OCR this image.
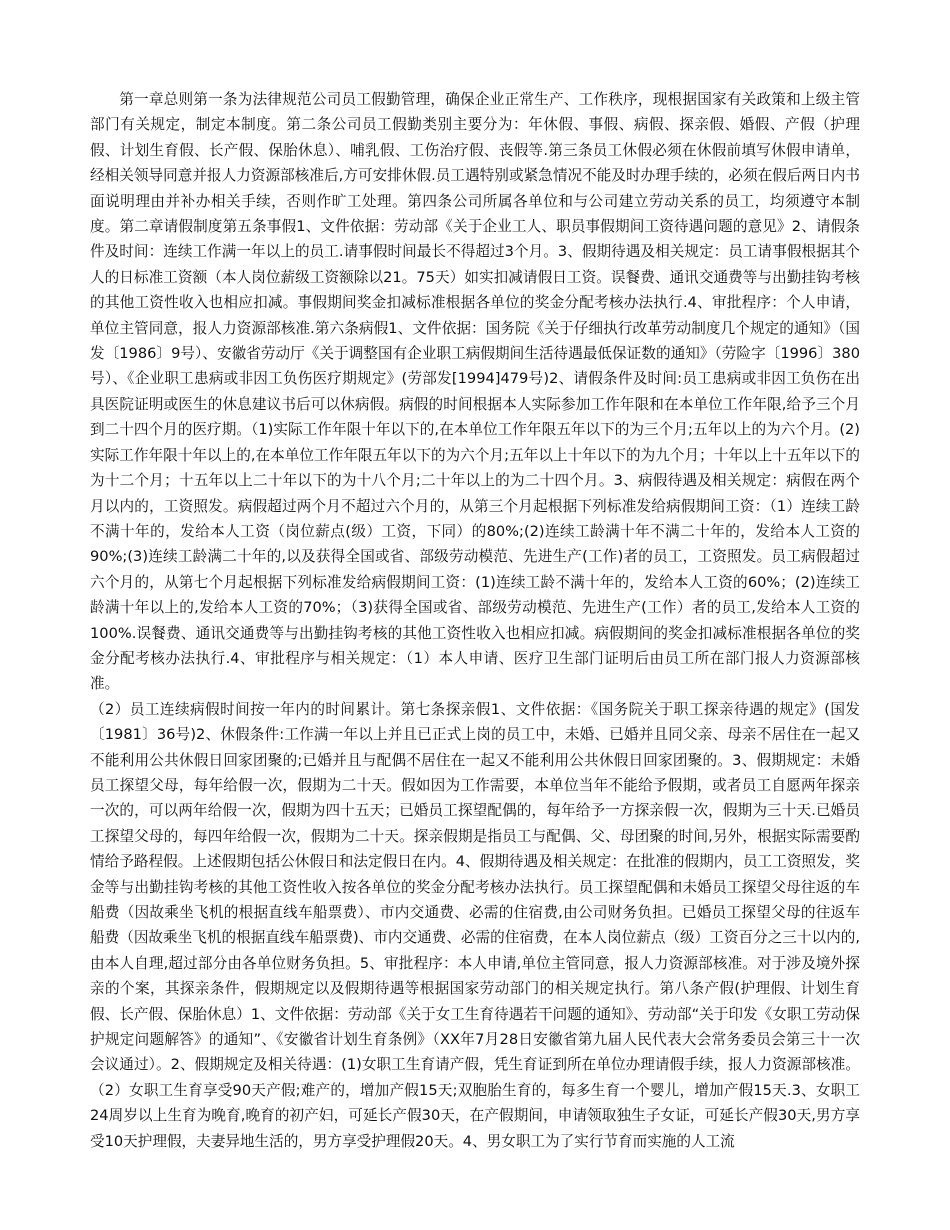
第一章总则第一条为法律规范公司员工假勤管理，确保企业正常生产、工作秩序，现根据国家有关政策和上级主管部门有关规定，制定本制度。第二条公司员工假勤类别主要分为：年休假、事假、病假、探亲假、婚假、产假（护理假、计划生育假、长产假、保胎休息）、哺乳假、工伤治疗假、丧假等.第三条员工休假必须在休假前填写休假申请单，经相关领导同意并报人力资源部核准后,方可安排休假.员工遇特别或紧急情况不能及时办理手续的，必须在假后两日内书面说明理由并补办相关手续，否则作旷工处理。第四条公司所属各单位和与公司建立劳动关系的员工，均须遵守本制度。第二章请假制度第五条事假1、文件依据：劳动部《关于企业工人、职员事假期间工资待遇问题的意见》2、请假条件及时间：连续工作满一年以上的员工.请事假时间最长不得超过3个月。3、假期待遇及相关规定：员工请事假根据其个人的日标准工资额（本人岗位薪级工资额除以21。75天）如实扣减请假日工资。误餐费、通讯交通费等与出勤挂钩考核的其他工资性收入也相应扣减。事假期间奖金扣减标准根据各单位的奖金分配考核办法执行.4、审批程序：个人申请，单位主管同意，报人力资源部核准.第六条病假1、文件依据：国务院《关于仔细执行改革劳动制度几个规定的通知》（国发〔1986〕9号）、安徽省劳动厅《关于调整国有企业职工病假期间生活待遇最低保证数的通知》（劳险字〔1996〕380号）、《企业职工患病或非因工负伤医疗期规定》(劳部发[1994]479号)2、请假条件及时间:员工患病或非因工负伤在出具医院证明或医生的休息建议书后可以休病假。病假的时间根据本人实际参加工作年限和在本单位工作年限,给予三个月到二十四个月的医疗期。（1)实际工作年限十年以下的,在本单位工作年限五年以下的为三个月;五年以上的为六个月。(2)实际工作年限十年以上的,在本单位工作年限五年以下的为六个月;五年以上十年以下的为九个月；十年以上十五年以下的为十二个月；十五年以上二十年以下的为十八个月;二十年以上的为二十四个月。3、病假待遇及相关规定：病假在两个月以内的，工资照发。病假超过两个月不超过六个月的，从第三个月起根据下列标准发给病假期间工资：（1）连续工龄不满十年的，发给本人工资（岗位薪点(级）工资，下同）的80%;(2)连续工龄满十年不满二十年的，发给本人工资的90%;(3)连续工龄满二十年的,以及获得全国或省、部级劳动模范、先进生产(工作)者的员工，工资照发。员工病假超过六个月的，从第七个月起根据下列标准发给病假期间工资：(1)连续工龄不满十年的，发给本人工资的60%；(2)连续工龄满十年以上的,发给本人工资的70%；（3)获得全国或省、部级劳动模范、先进生产(工作）者的员工,发给本人工资的100%.误餐费、通讯交通费等与出勤挂钩考核的其他工资性收入也相应扣减。病假期间的奖金扣减标准根据各单位的奖金分配考核办法执行.4、审批程序与相关规定：（1）本人申请、医疗卫生部门证明后由员工所在部门报人力资源部核准。

（2）员工连续病假时间按一年内的时间累计。第七条探亲假1、文件依据：《国务院关于职工探亲待遇的规定》(国发〔1981〕36号)2、休假条件:工作满一年以上并且已正式上岗的员工中，未婚、已婚并且同父亲、母亲不居住在一起又不能利用公共休假日回家团聚的;已婚并且与配偶不居住在一起又不能利用公共休假日回家团聚的。3、假期规定：未婚员工探望父母，每年给假一次，假期为二十天。假如因为工作需要，本单位当年不能给予假期，或者员工自愿两年探亲一次的，可以两年给假一次，假期为四十五天；已婚员工探望配偶的，每年给予一方探亲假一次，假期为三十天.已婚员工探望父母的，每四年给假一次，假期为二十天。探亲假期是指员工与配偶、父、母团聚的时间,另外，根据实际需要酌情给予路程假。上述假期包括公休假日和法定假日在内。4、假期待遇及相关规定：在批准的假期内，员工工资照发，奖金等与出勤挂钩考核的其他工资性收入按各单位的奖金分配考核办法执行。员工探望配偶和未婚员工探望父母往返的车船费（因故乘坐飞机的根据直线车船票费）、市内交通费、必需的住宿费,由公司财务负担。已婚员工探望父母的往返车船费（因故乘坐飞机的根据直线车船票费)、市内交通费、必需的住宿费，在本人岗位薪点（级）工资百分之三十以内的,由本人自理,超过部分由各单位财务负担。5、审批程序：本人申请,单位主管同意，报人力资源部核准。对于涉及境外探亲的个案，其探亲条件，假期规定以及假期待遇等根据国家劳动部门的相关规定执行。第八条产假(护理假、计划生育假、长产假、保胎休息）1、文件依据：劳动部《关于女工生育待遇若干问题的通知》、劳动部“关于印发《女职工劳动保护规定问题解答》的通知”、《安徽省计划生育条例》（XX年7月28日安徽省第九届人民代表大会常务委员会第三十一次会议通过）。2、假期规定及相关待遇：(1)女职工生育请产假，凭生育证到所在单位办理请假手续，报人力资源部核准。（2）女职工生育享受90天产假;难产的，增加产假15天;双胞胎生育的，每多生育一个婴儿，增加产假15天.3、女职工24周岁以上生育为晚育,晚育的初产妇，可延长产假30天，在产假期间，申请领取独生子女证，可延长产假30天,男方享受10天护理假，夫妻异地生活的，男方享受护理假20天。4、男女职工为了实行节育而实施的人工流
